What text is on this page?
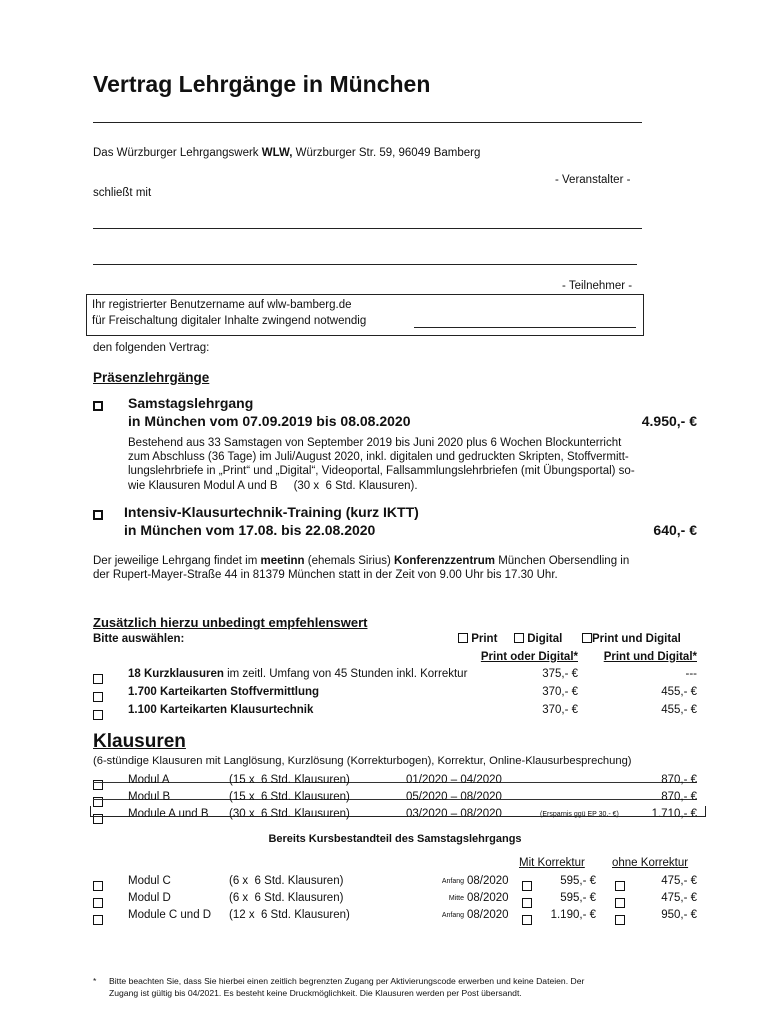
Vertrag Lehrgänge in München
Das Würzburger Lehrgangswerk WLW, Würzburger Str. 59, 96049 Bamberg
- Veranstalter -
schließt mit
- Teilnehmer -
Ihr registrierter Benutzername auf wlw-bamberg.de
für Freischaltung digitaler Inhalte zwingend notwendig
den folgenden Vertrag:
Präsenzlehrgänge
Samstagslehrgang
in München vom 07.09.2019 bis 08.08.2020	4.950,- €
Bestehend aus 33 Samstagen von September 2019 bis Juni 2020 plus 6 Wochen Blockunterricht
zum Abschluss (36 Tage) im Juli/August 2020, inkl. digitalen und gedruckten Skripten, Stoffvermitt-
lungslehrbriefe in „Print“ und „Digital“, Videoportal, Fallsammlungslehrbriefen (mit Übungsportal) so-
wie Klausuren Modul A und B     (30 x  6 Std. Klausuren).
Intensiv-Klausurtechnik-Training (kurz IKTT)
in München vom 17.08. bis 22.08.2020	640,- €
Der jeweilige Lehrgang findet im meetinn (ehemals Sirius) Konferenzzentrum München Obersendling in
der Rupert-Mayer-Straße 44 in 81379 München statt in der Zeit von 9.00 Uhr bis 17.30 Uhr.
Zusätzlich hierzu unbedingt empfehlenswert
Bitte auswählen:	Print	Digital	Print und Digital
Print oder Digital*	Print und Digital*
18 Kurzklausuren im zeitl. Umfang von 45 Stunden inkl. Korrektur	375,- €	---
1.700 Karteikarten Stoffvermittlung	370,- €	455,- €
1.100 Karteikarten Klausurtechnik	370,- €	455,- €
Klausuren
(6-stündige Klausuren mit Langlösung, Kurzlösung (Korrekturbogen), Korrektur, Online-Klausurbesprechung)
Modul A	(15 x  6 Std. Klausuren)	01/2020 – 04/2020	870,- €
Modul B	(15 x  6 Std. Klausuren)	05/2020 – 08/2020	870,- €
Module A und B (30 x  6 Std. Klausuren)	03/2020 – 08/2020	(Ersparnis ggü EP 30,- €)	1.710,- €
Bereits Kursbestandteil des Samstagslehrgangs
Mit Korrektur ohne Korrektur
Modul C	(6 x  6 Std. Klausuren)	Anfang 08/2020	595,- €	475,- €
Modul D	(6 x  6 Std. Klausuren)	Mitte 08/2020	595,- €	475,- €
Module C und D (12 x  6 Std. Klausuren)	Anfang 08/2020	1.190,- €	950,- €
* Bitte beachten Sie, dass Sie hierbei einen zeitlich begrenzten Zugang per Aktivierungscode erwerben und keine Dateien. Der
Zugang ist gültig bis 04/2021. Es besteht keine Druckmöglichkeit. Die Klausuren werden per Post übersandt.
